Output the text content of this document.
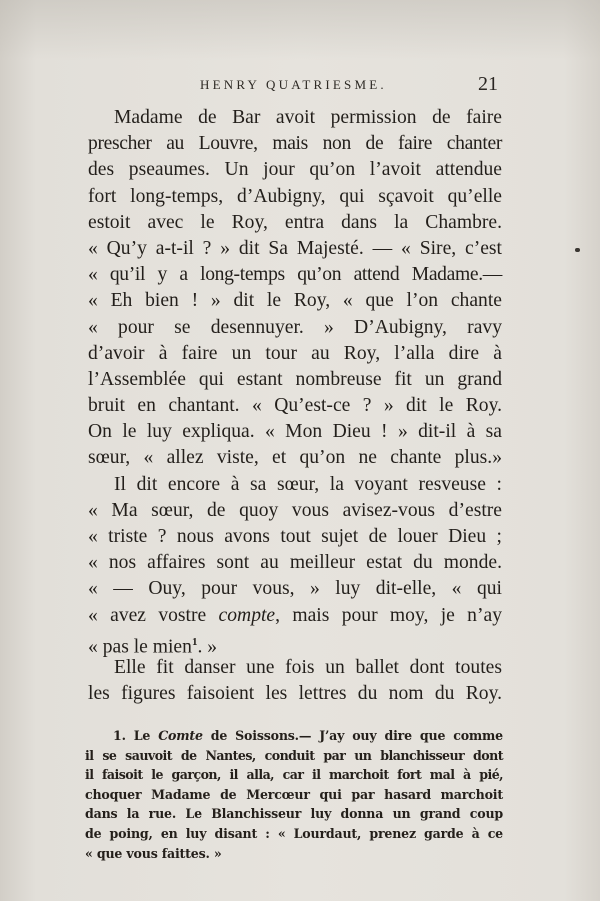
HENRY QUATRIESME.	21
Madame de Bar avoit permission de faire
prescher au Louvre, mais non de faire chanter
des pseaumes. Un jour qu’on l’avoit attendue
fort long-temps, d’Aubigny, qui sçavoit qu’elle
estoit avec le Roy, entra dans la Chambre.
« Qu’y a-t-il ? » dit Sa Majesté. — « Sire, c’est
« qu’il y a long-temps qu’on attend Madame.—
« Eh bien ! » dit le Roy, « que l’on chante
« pour se desennuyer. » D’Aubigny, ravy
d’avoir à faire un tour au Roy, l’alla dire à
l’Assemblée qui estant nombreuse fit un grand
bruit en chantant. « Qu’est-ce ? » dit le Roy.
On le luy expliqua. « Mon Dieu ! » dit-il à sa
sœur, « allez viste, et qu’on ne chante plus.»
Il dit encore à sa sœur, la voyant resveuse :
« Ma sœur, de quoy vous avisez-vous d’estre
« triste ? nous avons tout sujet de louer Dieu ;
« nos affaires sont au meilleur estat du monde.
« — Ouy, pour vous, » luy dit-elle, « qui
« avez vostre compte, mais pour moy, je n’ay
« pas le mien$^1$. »
Elle fit danser une fois un ballet dont toutes
les figures faisoient les lettres du nom du Roy.
1. Le Comte de Soissons.— J’ay ouy dire que comme
il se sauvoit de Nantes, conduit par un blanchisseur dont
il faisoit le garçon, il alla, car il marchoit fort mal à pié,
choquer Madame de Mercœur qui par hasard marchoit
dans la rue. Le Blanchisseur luy donna un grand coup
de poing, en luy disant : « Lourdaut, prenez garde à ce
« que vous faittes. »
